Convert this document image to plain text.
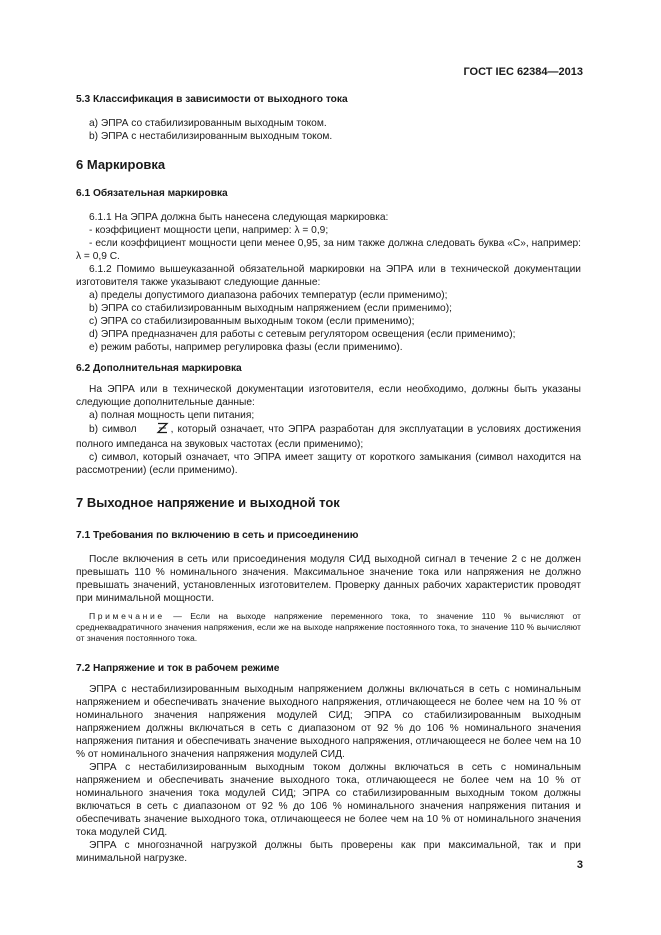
ГОСТ IEC 62384—2013

5.3 Классификация в зависимости от выходного тока

a) ЭПРА со стабилизированным выходным током.

b) ЭПРА с нестабилизированным выходным током.

6 Маркировка

6.1 Обязательная маркировка

6.1.1 На ЭПРА должна быть нанесена следующая маркировка:

- коэффициент мощности цепи, например: λ = 0,9;

- если коэффициент мощности цепи менее 0,95, за ним также должна следовать буква «C», например: λ = 0,9 C.

6.1.2 Помимо вышеуказанной обязательной маркировки на ЭПРА или в технической документации изготовителя также указывают следующие данные:

a) пределы допустимого диапазона рабочих температур (если применимо);

b) ЭПРА со стабилизированным выходным напряжением (если применимо);

c) ЭПРА со стабилизированным выходным током (если применимо);

d) ЭПРА предназначен для работы с сетевым регулятором освещения (если применимо);

e) режим работы, например регулировка фазы (если применимо).

6.2 Дополнительная маркировка

На ЭПРА или в технической документации изготовителя, если необходимо, должны быть указаны следующие дополнительные данные:

a) полная мощность цепи питания;

b) символ	, который означает, что ЭПРА разработан для эксплуатации в условиях достижения полного импеданса на звуковых частотах (если применимо);

c) символ, который означает, что ЭПРА имеет защиту от короткого замыкания (символ находится на рассмотрении) (если применимо).

7 Выходное напряжение и выходной ток

7.1 Требования по включению в сеть и присоединению

После включения в сеть или присоединения модуля СИД выходной сигнал в течение 2 с не должен превышать 110 % номинального значения. Максимальное значение тока или напряжения не должно превышать значений, установленных изготовителем. Проверку данных рабочих характеристик проводят при минимальной мощности.

Примечание — Если на выходе напряжение переменного тока, то значение 110 % вычисляют от среднеквадратичного значения напряжения, если же на выходе напряжение постоянного тока, то значение 110 % вычисляют от значения постоянного тока.

7.2 Напряжение и ток в рабочем режиме

ЭПРА с нестабилизированным выходным напряжением должны включаться в сеть с номинальным напряжением и обеспечивать значение выходного напряжения, отличающееся не более чем на 10 % от номинального значения напряжения модулей СИД; ЭПРА со стабилизированным выходным напряжением должны включаться в сеть с диапазоном от 92 % до 106 % номинального значения напряжения питания и обеспечивать значение выходного напряжения, отличающееся не более чем на 10 % от номинального значения напряжения модулей СИД.

ЭПРА с нестабилизированным выходным током должны включаться в сеть с номинальным напряжением и обеспечивать значение выходного тока, отличающееся не более чем на 10 % от номинального значения тока модулей СИД; ЭПРА со стабилизированным выходным током должны включаться в сеть с диапазоном от 92 % до 106 % номинального значения напряжения питания и обеспечивать значение выходного тока, отличающееся не более чем на 10 % от номинального значения тока модулей СИД.

ЭПРА с многозначной нагрузкой должны быть проверены как при максимальной, так и при минимальной нагрузке.

3
